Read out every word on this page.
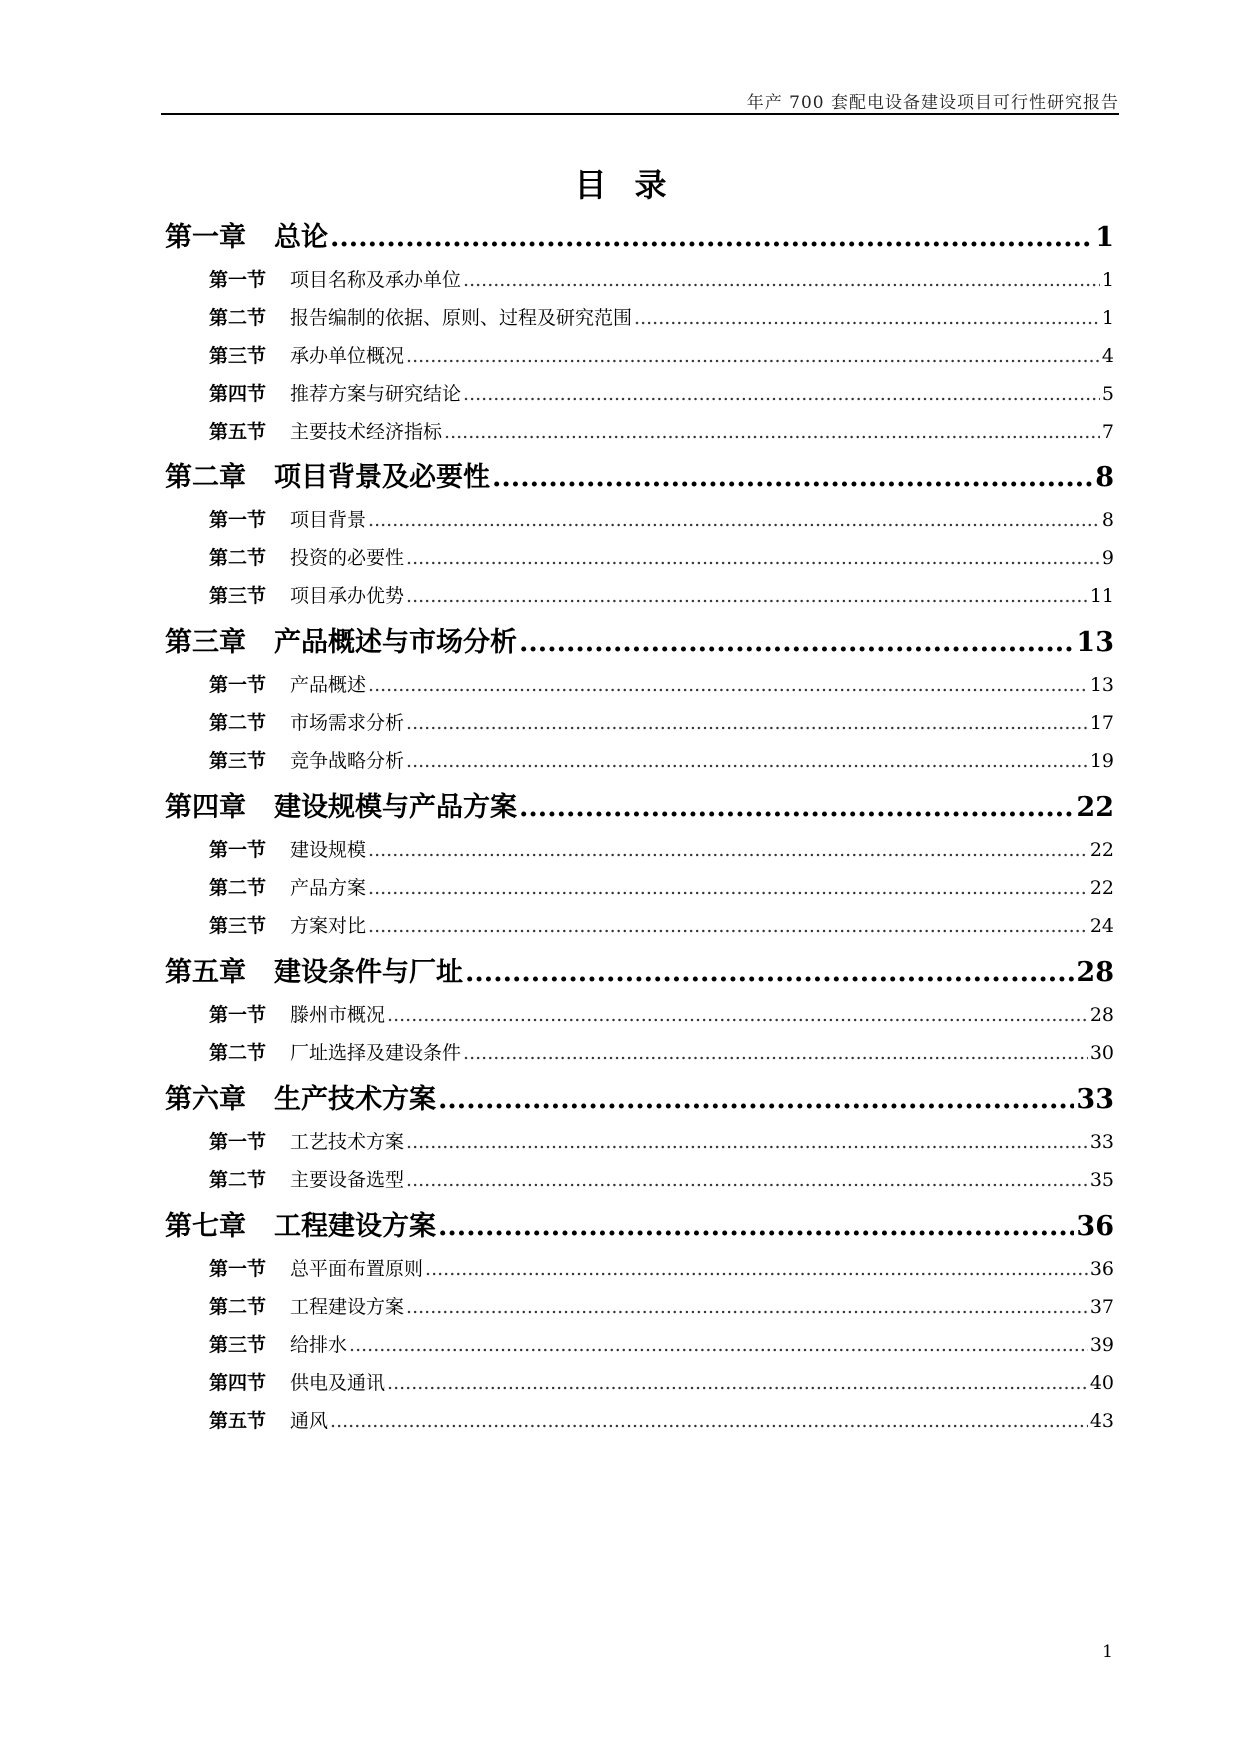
年产 700 套配电设备建设项目可行性研究报告
目录
第一章 总论 .....	1
第一节 项目名称及承办单位 .....	1
第二节 报告编制的依据、原则、过程及研究范围 .....	1
第三节 承办单位概况 .....	4
第四节 推荐方案与研究结论 .....	5
第五节 主要技术经济指标 .....	7
第二章 项目背景及必要性 .....	8
第一节 项目背景 .....	8
第二节 投资的必要性 .....	9
第三节 项目承办优势 .....	11
第三章 产品概述与市场分析 .....	13
第一节 产品概述 .....	13
第二节 市场需求分析 .....	17
第三节 竞争战略分析 .....	19
第四章 建设规模与产品方案 .....	22
第一节 建设规模 .....	22
第二节 产品方案 .....	22
第三节 方案对比 .....	24
第五章 建设条件与厂址 .....	28
第一节 滕州市概况 .....	28
第二节 厂址选择及建设条件 .....	30
第六章 生产技术方案 .....	33
第一节 工艺技术方案 .....	33
第二节 主要设备选型 .....	35
第七章 工程建设方案 .....	36
第一节 总平面布置原则 .....	36
第二节 工程建设方案 .....	37
第三节 给排水 .....	39
第四节 供电及通讯 .....	40
第五节 通风 .....	43
1
